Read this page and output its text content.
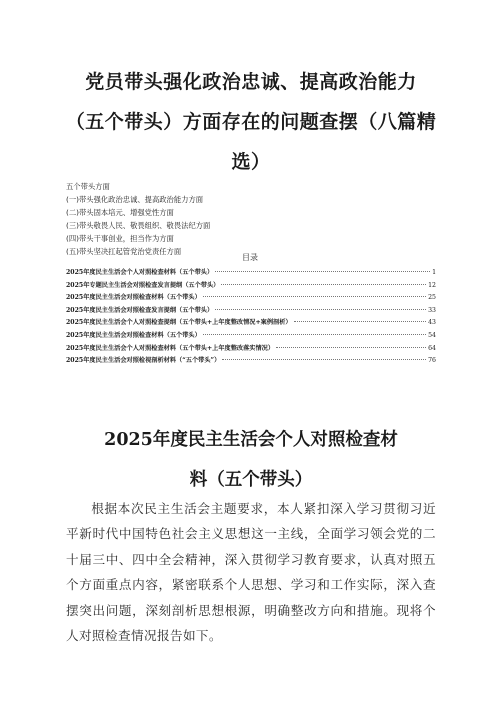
党员带头强化政治忠诚、提高政治能力
（五个带头）方面存在的问题查摆（八篇精
选）
五个带头方面
(一)带头强化政治忠诚、提高政治能力方面
(二)带头固本培元、增强党性方面
(三)带头敬畏人民、敬畏组织、敬畏法纪方面
(四)带头干事创业，担当作为方面
(五)带头坚决扛起管党治党责任方面
目录
2025年度民主生活会个人对照检查材料（五个带头）	1
2025年专题民主生活会对照检查发言提纲（五个带头）	12
2025年度民主生活会对照检查材料（五个带头）	25
2025年度民主生活会对照检查发言提纲（五个带头）	33
2025年度民主生活会个人对照检查提纲（五个带头+上年度整改情况+案例剖析）	43
2025年度民主生活会对照检查材料（五个带头）	54
2025年度民主生活会个人对照检查材料（五个带头+上年度整改落实情况）	64
2025年度民主生活会对照检视剖析材料（“五个带头”）	76
2025年度民主生活会个人对照检查材
料（五个带头）
根据本次民主生活会主题要求，本人紧扣深入学习贯彻习近平新时代中国特色社会主义思想这一主线，全面学习领会党的二十届三中、四中全会精神，深入贯彻学习教育要求，认真对照五个方面重点内容，紧密联系个人思想、学习和工作实际，深入查摆突出问题，深刻剖析思想根源，明确整改方向和措施。现将个人对照检查情况报告如下。
